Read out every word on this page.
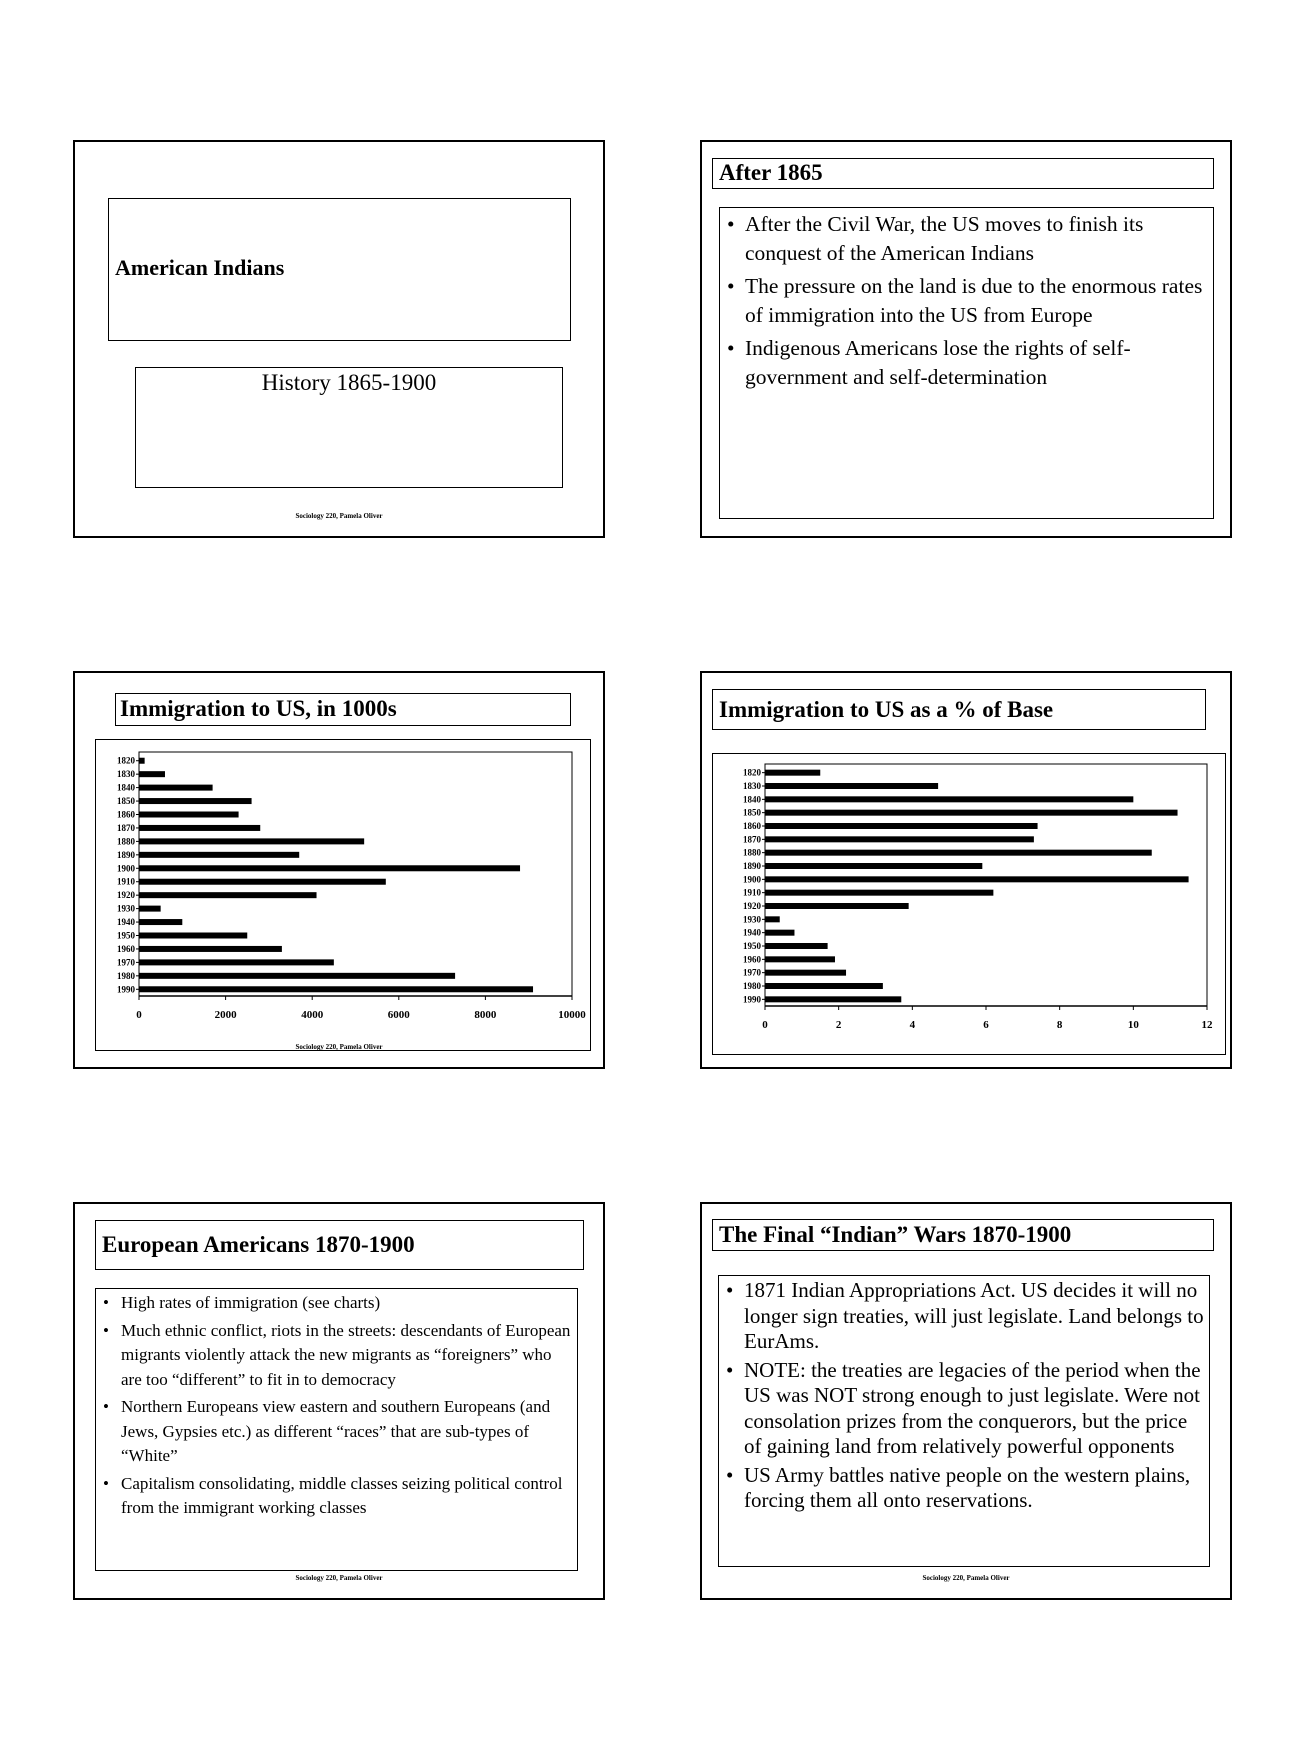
American Indians
History 1865-1900
Sociology 220, Pamela Oliver
After 1865
• After the Civil War, the US moves to finish its conquest of the American Indians
• The pressure on the land is due to the enormous rates of immigration into the US from Europe
• Indigenous Americans lose the rights of self-government and self-determination
Immigration to US, in 1000s
1820
1830
1840
1850
1860
1870
1880
1890
1900
1910
1920
1930
1940
1950
1960
1970
1980
1990
0	2000	4000	6000	8000	10000
Sociology 220, Pamela Oliver
Immigration to US as a % of Base
1820
1830
1840
1850
1860
1870
1880
1890
1900
1910
1920
1930
1940
1950
1960
1970
1980
1990
0	2	4	6	8	10	12
European Americans 1870-1900
• High rates of immigration (see charts)
• Much ethnic conflict, riots in the streets: descendants of European migrants violently attack the new migrants as “foreigners” who are too “different” to fit in to democracy
• Northern Europeans view eastern and southern Europeans (and Jews, Gypsies etc.) as different “races” that are sub-types of “White”
• Capitalism consolidating, middle classes seizing political control from the immigrant working classes
Sociology 220, Pamela Oliver
The Final “Indian” Wars 1870-1900
• 1871 Indian Appropriations Act. US decides it will no longer sign treaties, will just legislate. Land belongs to EurAms.
• NOTE: the treaties are legacies of the period when the US was NOT strong enough to just legislate. Were not consolation prizes from the conquerors, but the price of gaining land from relatively powerful opponents
• US Army battles native people on the western plains, forcing them all onto reservations.
Sociology 220, Pamela Oliver
